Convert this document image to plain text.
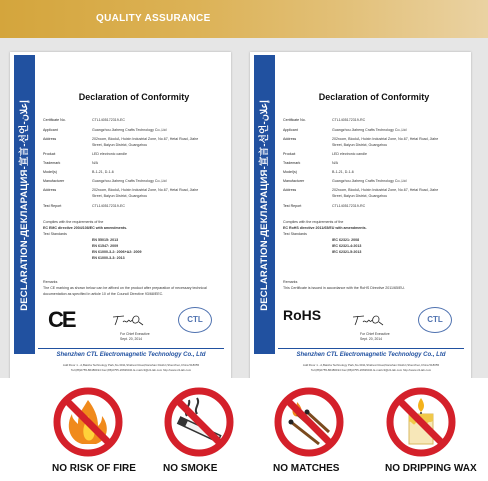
QUALITY ASSURANCE
DECLARATION-ДЕКЛАРАЦИЯ-宣言-선언-إعلان
Declaration of Conformity
Certificate No.	CTL1405172319-EC
Applicant	Guangzhou Jiaheng Crafts Technology Co.,Ltd
Address	202room, BlockA, Huixin Industrial Zone, No.67, Hetai Road, Jiahe
Street, Baiyun District, Guangzhou
Product	LED electronic candle
Trademark	N/A
Model(s)	B-1-21, D-1-6
Manufacturer	Guangzhou Jiaheng Crafts Technology Co.,Ltd
Address	202room, BlockA, Huixin Industrial Zone, No.67, Hetai Road, Jiahe
Street, Baiyun District, Guangzhou
Test Report	CTL1405172319-EC
Complies with the requirements of the
EC EMC directive 2004/108/EC with amendments.
Test Standards
EN 55015: 2013
EN 61547: 2009
EN 61000-3-2: 2006+A2: 2009
EN 61000-3-3: 2013
Remarks
The CE marking as shown below can be affixed on the product after preparation of necessary technical
documentation as specified in article 10 of the Council Directive 93/68/EEC.
CE	CTL
For Chief Executive
Sept. 20, 2014
Shenzhen CTL Electromagnetic Technology Co., Ltd
Add:Floor 1 - A,Baisha Technology Park,No.3011,Shahexi Road,Nanshan District,Shenzhen,China 518055
Tel:(86)0755-86486194 Fax:(86)0755-26636041 E-mail:ctl@ctl-lab.com http://www.ctl-lab.com
DECLARATION-ДЕКЛАРАЦИЯ-宣言-선언-إعلان
Declaration of Conformity
Certificate No.	CTL1405172319-RC
Applicant	Guangzhou Jiaheng Crafts Technology Co.,Ltd
Address	202room, BlockA, Huixin Industrial Zone, No.67, Hetai Road, Jiahe
Street, Baiyun District, Guangzhou
Product	LED electronic candle
Trademark	N/A
Model(s)	B-1-21, D-1-6
Manufacturer	Guangzhou Jiaheng Crafts Technology Co.,Ltd
Address	202room, BlockA, Huixin Industrial Zone, No.67, Hetai Road, Jiahe
Street, Baiyun District, Guangzhou
Test Report	CTL1405172319-RC
Complies with the requirements of the
EC RoHS directive 2011/65/EU with amendments.
Test Standards
IEC 62321: 2008
IEC 62321-4:2013
IEC 62321-5:2013
Remarks
This Certificate is issued in accordance with the RoHS Directive 2011/65/EU.
RoHS	CTL
For Chief Executive
Sept. 20, 2014
Shenzhen CTL Electromagnetic Technology Co., Ltd
Add:Floor 1 - A,Baisha Technology Park,No.3011,Shahexi Road,Nanshan District,Shenzhen,China 518055
Tel:(86)0755-86486194 Fax:(86)0755-26636041 E-mail:ctl@ctl-lab.com http://www.ctl-lab.com
NO RISK OF FIRE	NO SMOKE	NO MATCHES	NO DRIPPING WAX
